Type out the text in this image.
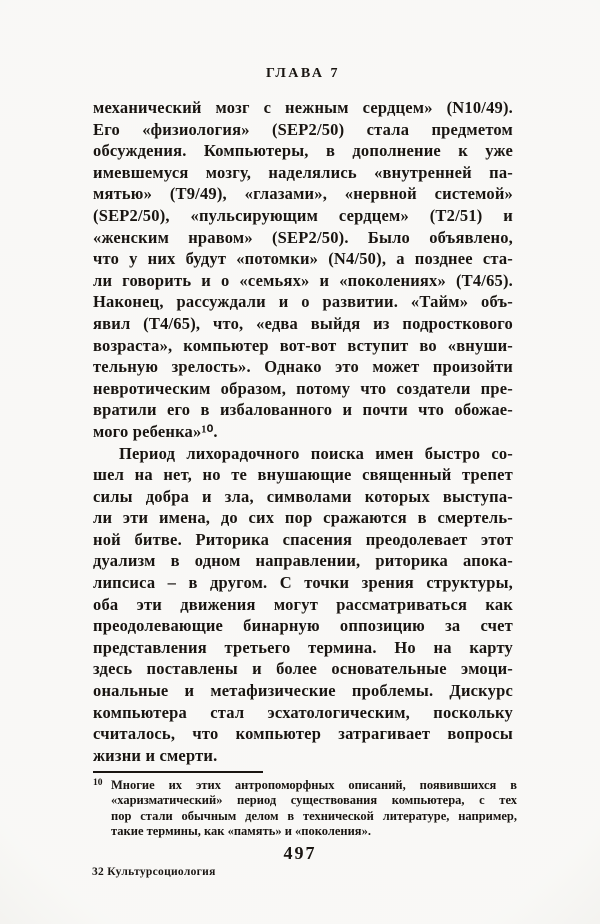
ГЛАВА 7
механический мозг с нежным сердцем» (N10/49).
Его «физиология» (SEP2/50) стала предметом
обсуждения. Компьютеры, в дополнение к уже
имевшемуся мозгу, наделялись «внутренней па-
мятью» (Т9/49), «глазами», «нервной системой»
(SEP2/50), «пульсирующим сердцем» (Т2/51) и
«женским нравом» (SEP2/50). Было объявлено,
что у них будут «потомки» (N4/50), а позднее ста-
ли говорить и о «семьях» и «поколениях» (Т4/65).
Наконец, рассуждали и о развитии. «Тайм» объ-
явил (Т4/65), что, «едва выйдя из подросткового
возраста», компьютер вот-вот вступит во «внуши-
тельную зрелость». Однако это может произойти
невротическим образом, потому что создатели пре-
вратили его в избалованного и почти что обожае-
мого ребенка»¹⁰.
Период лихорадочного поиска имен быстро со-
шел на нет, но те внушающие священный трепет
силы добра и зла, символами которых выступа-
ли эти имена, до сих пор сражаются в смертель-
ной битве. Риторика спасения преодолевает этот
дуализм в одном направлении, риторика апока-
липсиса – в другом. С точки зрения структуры,
оба эти движения могут рассматриваться как
преодолевающие бинарную оппозицию за счет
представления третьего термина. Но на карту
здесь поставлены и более основательные эмоци-
ональные и метафизические проблемы. Дискурс
компьютера стал эсхатологическим, поскольку
считалось, что компьютер затрагивает вопросы
жизни и смерти.
10 Многие их этих антропоморфных описаний, появившихся в
«харизматический» период существования компьютера, с тех
пор стали обычным делом в технической литературе, например,
такие термины, как «память» и «поколения».
497
32 Культурсоциология
